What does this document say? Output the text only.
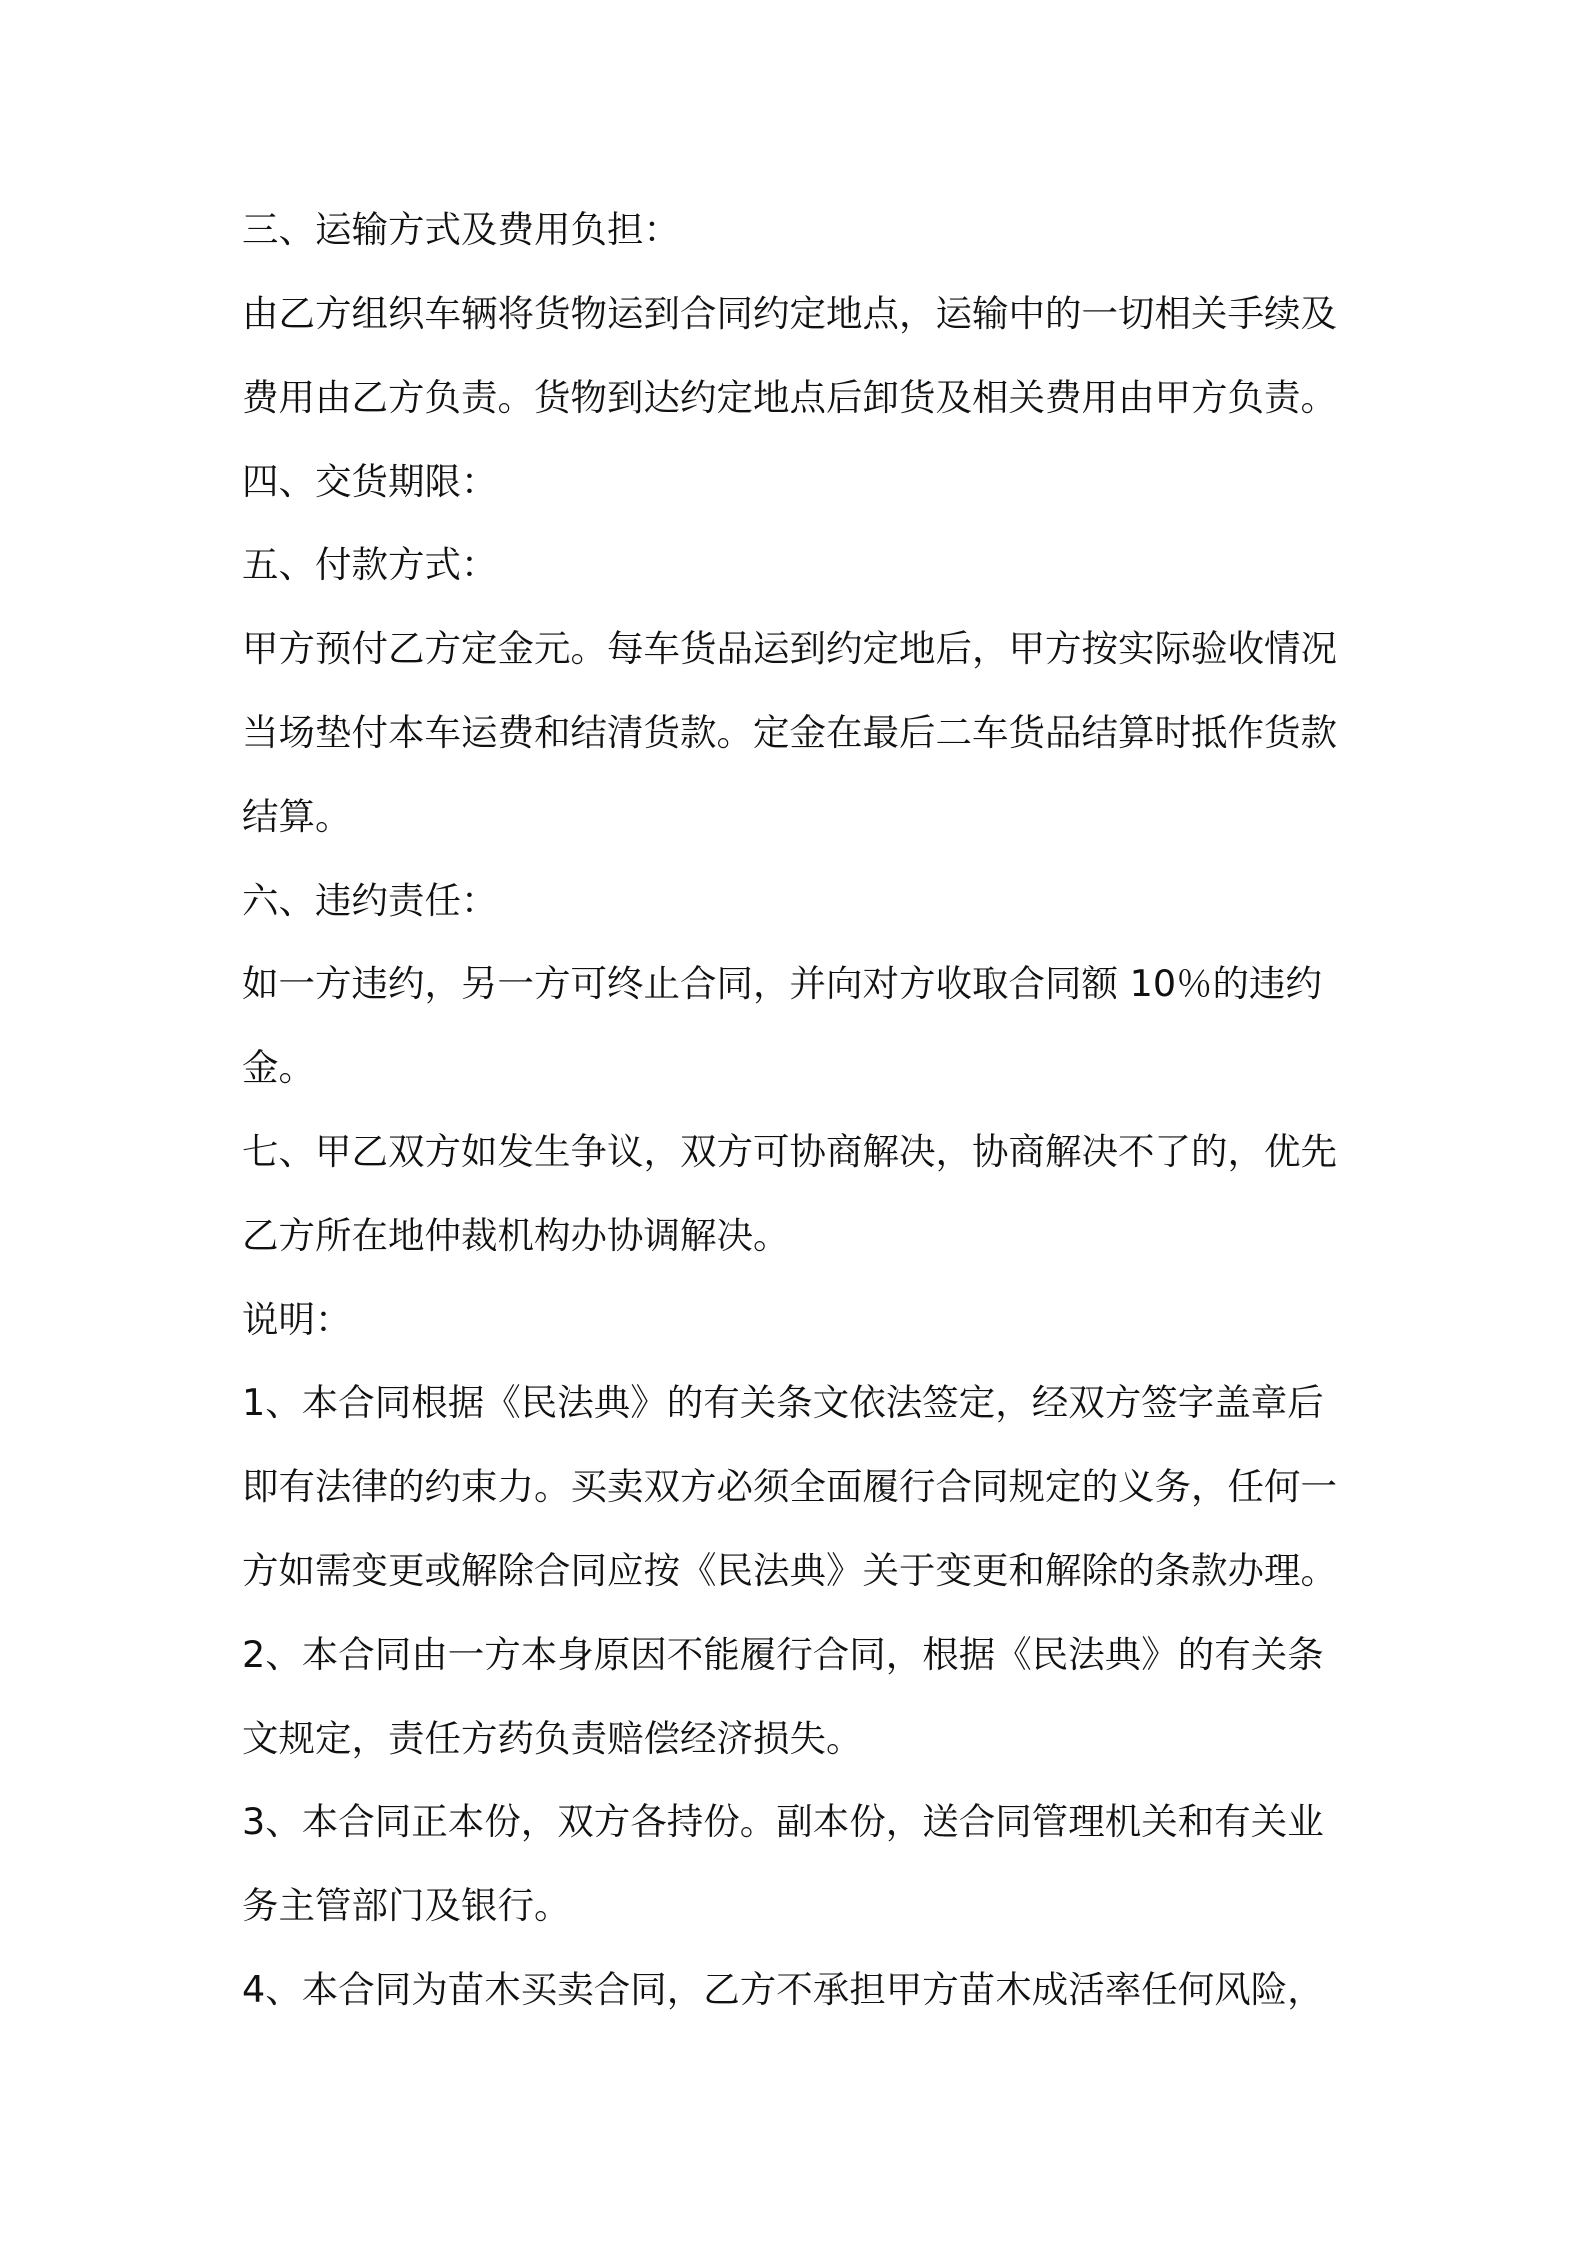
三、运输方式及费用负担：
由乙方组织车辆将货物运到合同约定地点，运输中的一切相关手续及
费用由乙方负责。货物到达约定地点后卸货及相关费用由甲方负责。
四、交货期限：
五、付款方式：
甲方预付乙方定金元。每车货品运到约定地后，甲方按实际验收情况
当场垫付本车运费和结清货款。定金在最后二车货品结算时抵作货款
结算。
六、违约责任：
如一方违约，另一方可终止合同，并向对方收取合同额 10％的违约
金。
七、甲乙双方如发生争议，双方可协商解决，协商解决不了的，优先
乙方所在地仲裁机构办协调解决。
说明：
1、本合同根据《民法典》的有关条文依法签定，经双方签字盖章后
即有法律的约束力。买卖双方必须全面履行合同规定的义务，任何一
方如需变更或解除合同应按《民法典》关于变更和解除的条款办理。
2、本合同由一方本身原因不能履行合同，根据《民法典》的有关条
文规定，责任方药负责赔偿经济损失。
3、本合同正本份，双方各持份。副本份，送合同管理机关和有关业
务主管部门及银行。
4、本合同为苗木买卖合同，乙方不承担甲方苗木成活率任何风险，
